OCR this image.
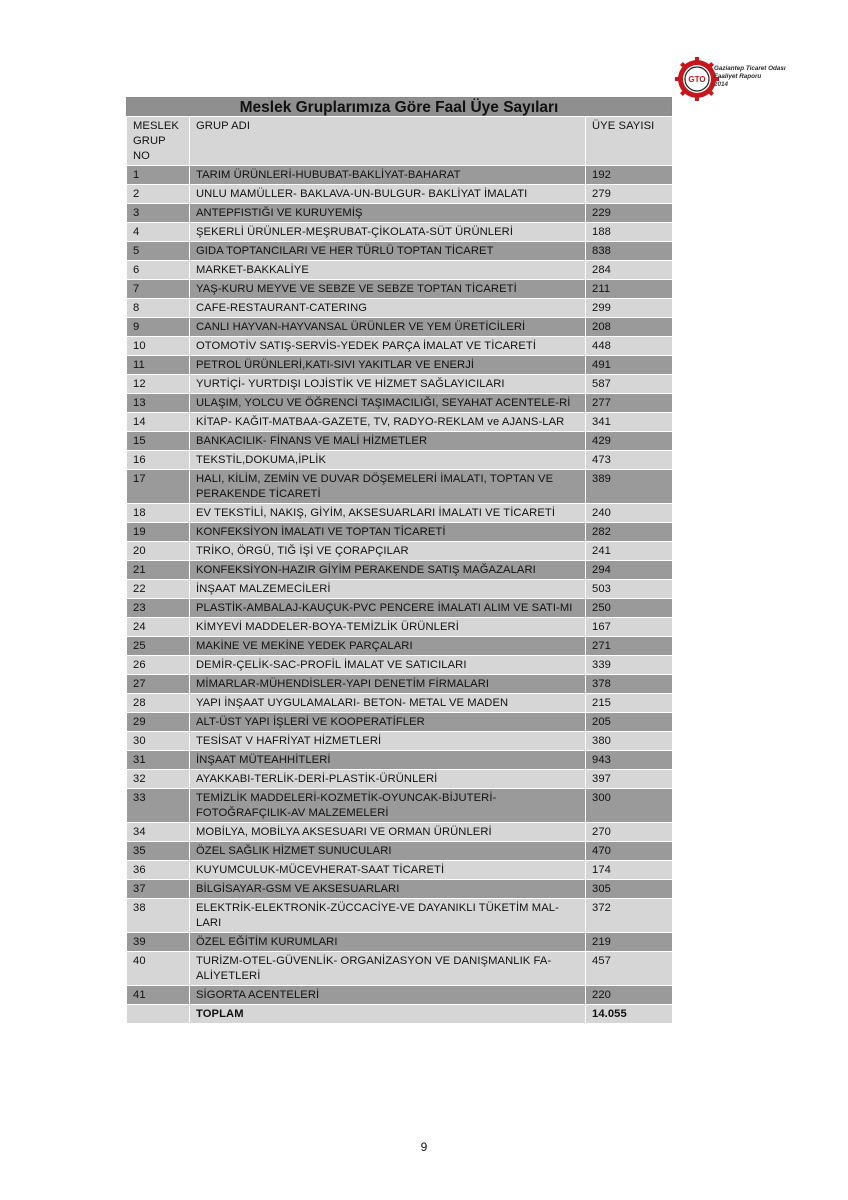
GTO
Gaziantep Ticaret Odası
Faaliyet Raporu
2014
Meslek Gruplarımıza Göre Faal Üye Sayıları
MESLEK GRUP NO	GRUP ADI	ÜYE SAYISI
1	TARIM ÜRÜNLERİ-HUBUBAT-BAKLİYAT-BAHARAT	192
2	UNLU MAMÜLLER- BAKLAVA-UN-BULGUR- BAKLİYAT İMALATI	279
3	ANTEPFISTIĞI VE KURUYEMİŞ	229
4	ŞEKERLİ ÜRÜNLER-MEŞRUBAT-ÇİKOLATA-SÜT ÜRÜNLERİ	188
5	GIDA TOPTANCILARI VE HER TÜRLÜ TOPTAN TİCARET	838
6	MARKET-BAKKALİYE	284
7	YAŞ-KURU MEYVE VE SEBZE VE SEBZE TOPTAN TİCARETİ	211
8	CAFE-RESTAURANT-CATERING	299
9	CANLI HAYVAN-HAYVANSAL ÜRÜNLER VE YEM ÜRETİCİLERİ	208
10	OTOMOTİV SATIŞ-SERVİS-YEDEK PARÇA İMALAT VE TİCARETİ	448
11	PETROL ÜRÜNLERİ,KATI-SIVI YAKITLAR VE ENERJİ	491
12	YURTİÇİ- YURTDIŞI LOJİSTİK VE HİZMET SAĞLAYICILARI	587
13	ULAŞIM, YOLCU VE ÖĞRENCİ TAŞIMACILIĞI, SEYAHAT ACENTELE-Rİ	277
14	KİTAP- KAĞIT-MATBAA-GAZETE, TV, RADYO-REKLAM ve AJANS-LAR	341
15	BANKACILIK- FİNANS VE MALİ HİZMETLER	429
16	TEKSTİL,DOKUMA,İPLİK	473
17	HALI, KİLİM, ZEMİN VE DUVAR DÖŞEMELERİ İMALATI, TOPTAN VE PERAKENDE TİCARETİ	389
18	EV TEKSTİLİ, NAKIŞ, GİYİM, AKSESUARLARI İMALATI VE TİCARETİ	240
19	KONFEKSİYON İMALATI VE TOPTAN TİCARETİ	282
20	TRİKO, ÖRGÜ, TIĞ İŞİ VE ÇORAPÇILAR	241
21	KONFEKSİYON-HAZIR GİYİM PERAKENDE SATIŞ MAĞAZALARI	294
22	İNŞAAT MALZEMECİLERİ	503
23	PLASTİK-AMBALAJ-KAUÇUK-PVC PENCERE İMALATI ALIM VE SATI-MI	250
24	KİMYEVİ MADDELER-BOYA-TEMİZLİK ÜRÜNLERİ	167
25	MAKİNE VE MEKİNE YEDEK PARÇALARI	271
26	DEMİR-ÇELİK-SAC-PROFİL İMALAT VE SATICILARI	339
27	MİMARLAR-MÜHENDİSLER-YAPI DENETİM FİRMALARI	378
28	YAPI İNŞAAT UYGULAMALARI- BETON- METAL VE MADEN	215
29	ALT-ÜST YAPI İŞLERİ VE KOOPERATİFLER	205
30	TESİSAT V HAFRİYAT HİZMETLERİ	380
31	İNŞAAT MÜTEAHHİTLERİ	943
32	AYAKKABI-TERLİK-DERİ-PLASTİK-ÜRÜNLERİ	397
33	TEMİZLİK MADDELERİ-KOZMETİK-OYUNCAK-BİJUTERİ-FOTOĞRAFÇILIK-AV MALZEMELERİ	300
34	MOBİLYA, MOBİLYA AKSESUARI VE ORMAN ÜRÜNLERİ	270
35	ÖZEL SAĞLIK HİZMET SUNUCULARI	470
36	KUYUMCULUK-MÜCEVHERAT-SAAT TİCARETİ	174
37	BİLGİSAYAR-GSM VE AKSESUARLARI	305
38	ELEKTRİK-ELEKTRONİK-ZÜCCACİYE-VE DAYANIKLI TÜKETİM MAL-LARI	372
39	ÖZEL EĞİTİM KURUMLARI	219
40	TURİZM-OTEL-GÜVENLİK- ORGANİZASYON VE DANIŞMANLIK FA-ALİYETLERİ	457
41	SİGORTA ACENTELERİ	220
	TOPLAM	14.055
9
